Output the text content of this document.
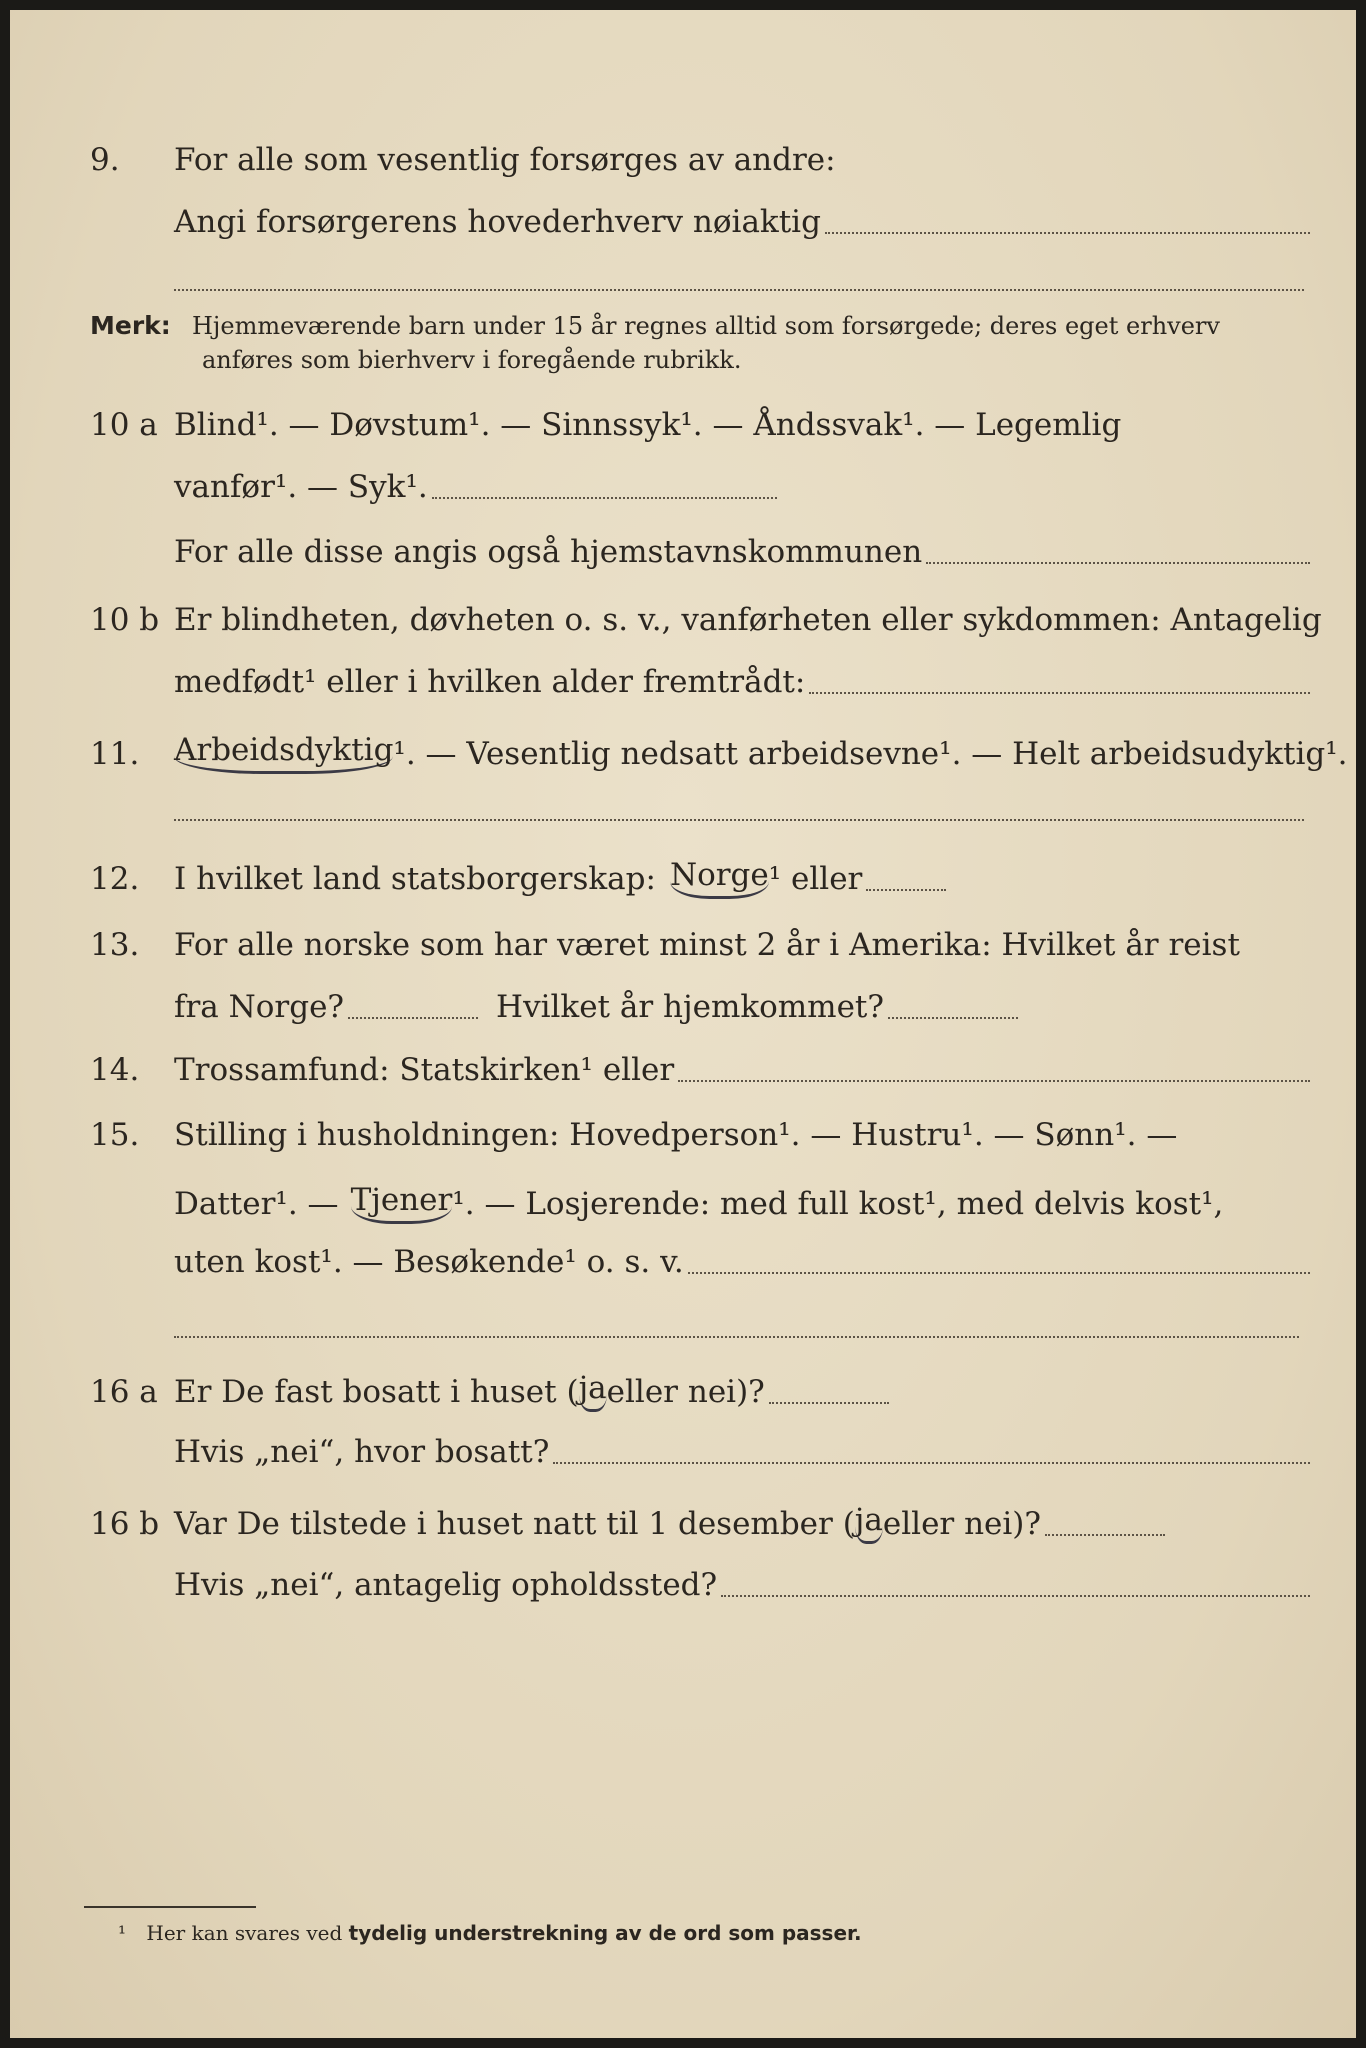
9.	For alle som vesentlig forsørges av andre:
Angi forsørgerens hovederhverv nøiaktig
Merk: Hjemmeværende barn under 15 år regnes alltid som forsørgede; deres eget erhverv
anføres som bierhverv i foregående rubrikk.
10 a Blind¹. — Døvstum¹. — Sinnssyk¹. — Åndssvak¹. — Legemlig
vanfør¹. — Syk¹.
For alle disse angis også hjemstavnskommunen
10 b Er blindheten, døvheten o. s. v., vanførheten eller sykdommen: Antagelig
medfødt¹ eller i hvilken alder fremtrådt:
11.	Arbeidsdyktig ¹. — Vesentlig nedsatt arbeidsevne¹. — Helt arbeidsudyktig¹.
12.	I hvilket land statsborgerskap: Norge ¹ eller
13.	For alle norske som har været minst 2 år i Amerika: Hvilket år reist
fra Norge?	Hvilket år hjemkommet?
14.	Trossamfund: Statskirken¹ eller
15.	Stilling i husholdningen: Hovedperson¹. — Hustru¹. — Sønn¹. —
Datter¹. — Tjener ¹. — Losjerende: med full kost¹, med delvis kost¹,
uten kost¹. — Besøkende¹ o. s. v.
16 a Er De fast bosatt i huset ( ja eller nei)?
Hvis „nei“, hvor bosatt?
16 b Var De tilstede i huset natt til 1 desember ( ja eller nei)?
Hvis „nei“, antagelig opholdssted?
¹ Her kan svares ved tydelig understrekning av de ord som passer.
